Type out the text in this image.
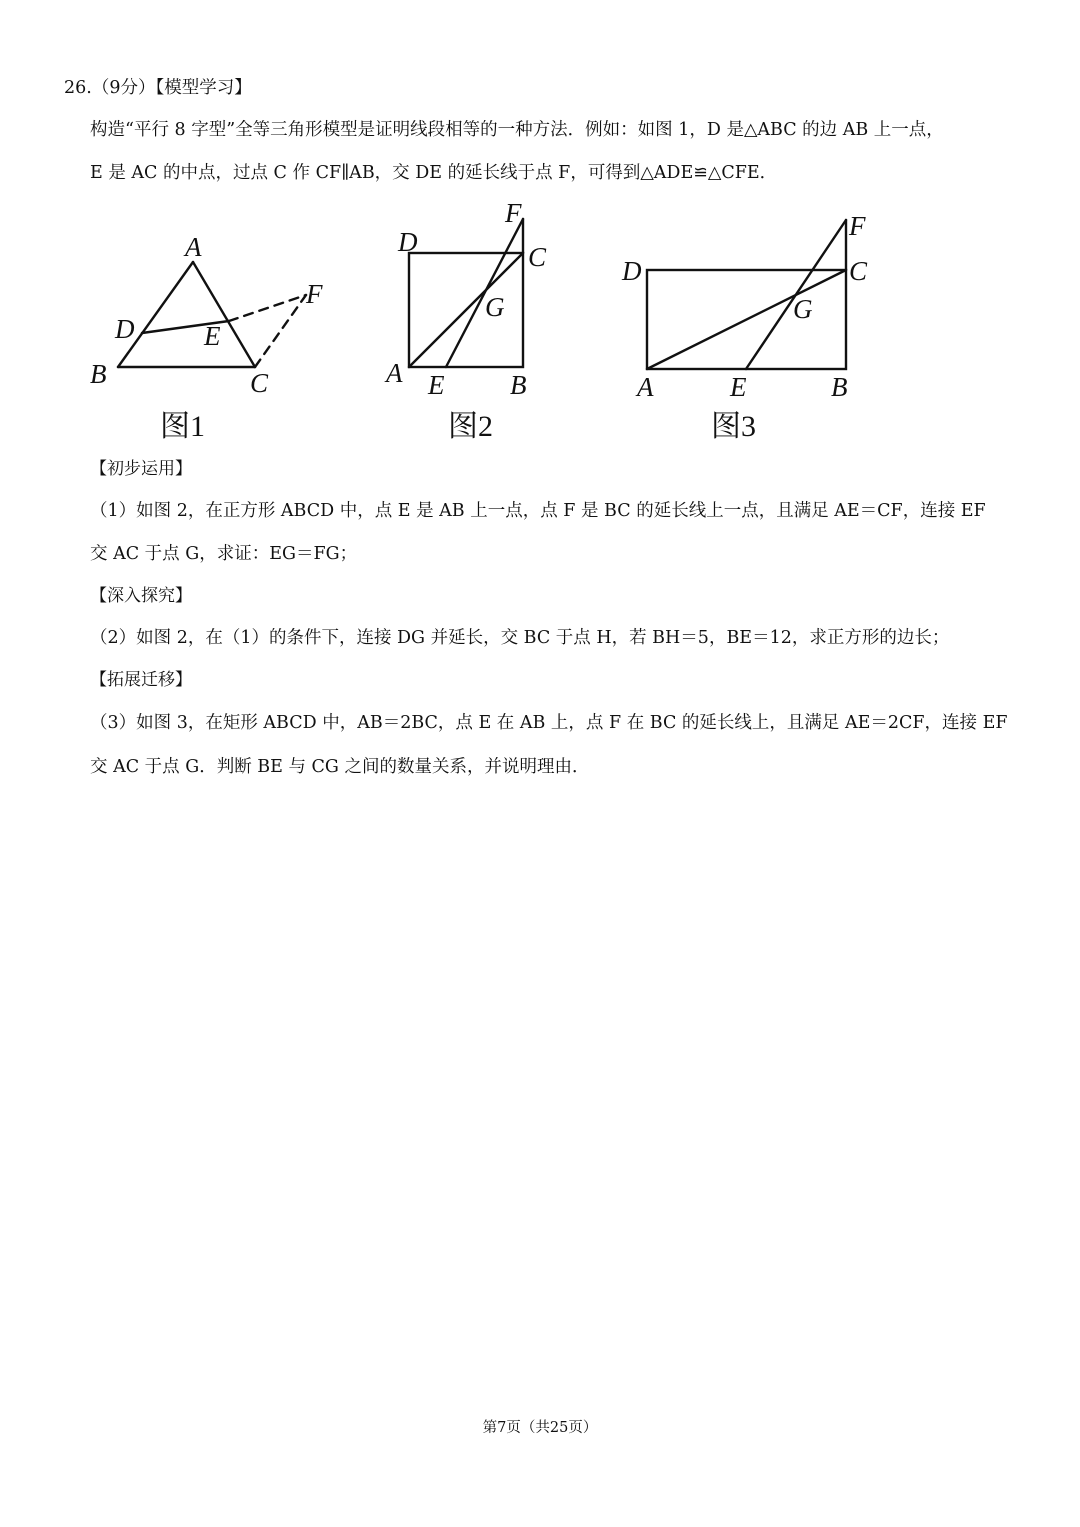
26.（9分）【模型学习】
构造“平行 8 字型”全等三角形模型是证明线段相等的一种方法．例如：如图 1，D 是△ABC 的边 AB 上一点，
E 是 AC 的中点，过点 C 作 CF∥AB，交 DE 的延长线于点 F，可得到△ADE≌△CFE．
A
D	E
F
B	C
F
D	C
G
A E B
F
D	C
G
A	E	B
图1	图2	图3
【初步运用】
（1）如图 2，在正方形 ABCD 中，点 E 是 AB 上一点，点 F 是 BC 的延长线上一点，且满足 AE＝CF，连接 EF
交 AC 于点 G，求证：EG＝FG；
【深入探究】
（2）如图 2，在（1）的条件下，连接 DG 并延长，交 BC 于点 H，若 BH＝5，BE＝12，求正方形的边长；
【拓展迁移】
（3）如图 3，在矩形 ABCD 中，AB＝2BC，点 E 在 AB 上，点 F 在 BC 的延长线上，且满足 AE＝2CF，连接 EF
交 AC 于点 G．判断 BE 与 CG 之间的数量关系，并说明理由．
第7页（共25页）
